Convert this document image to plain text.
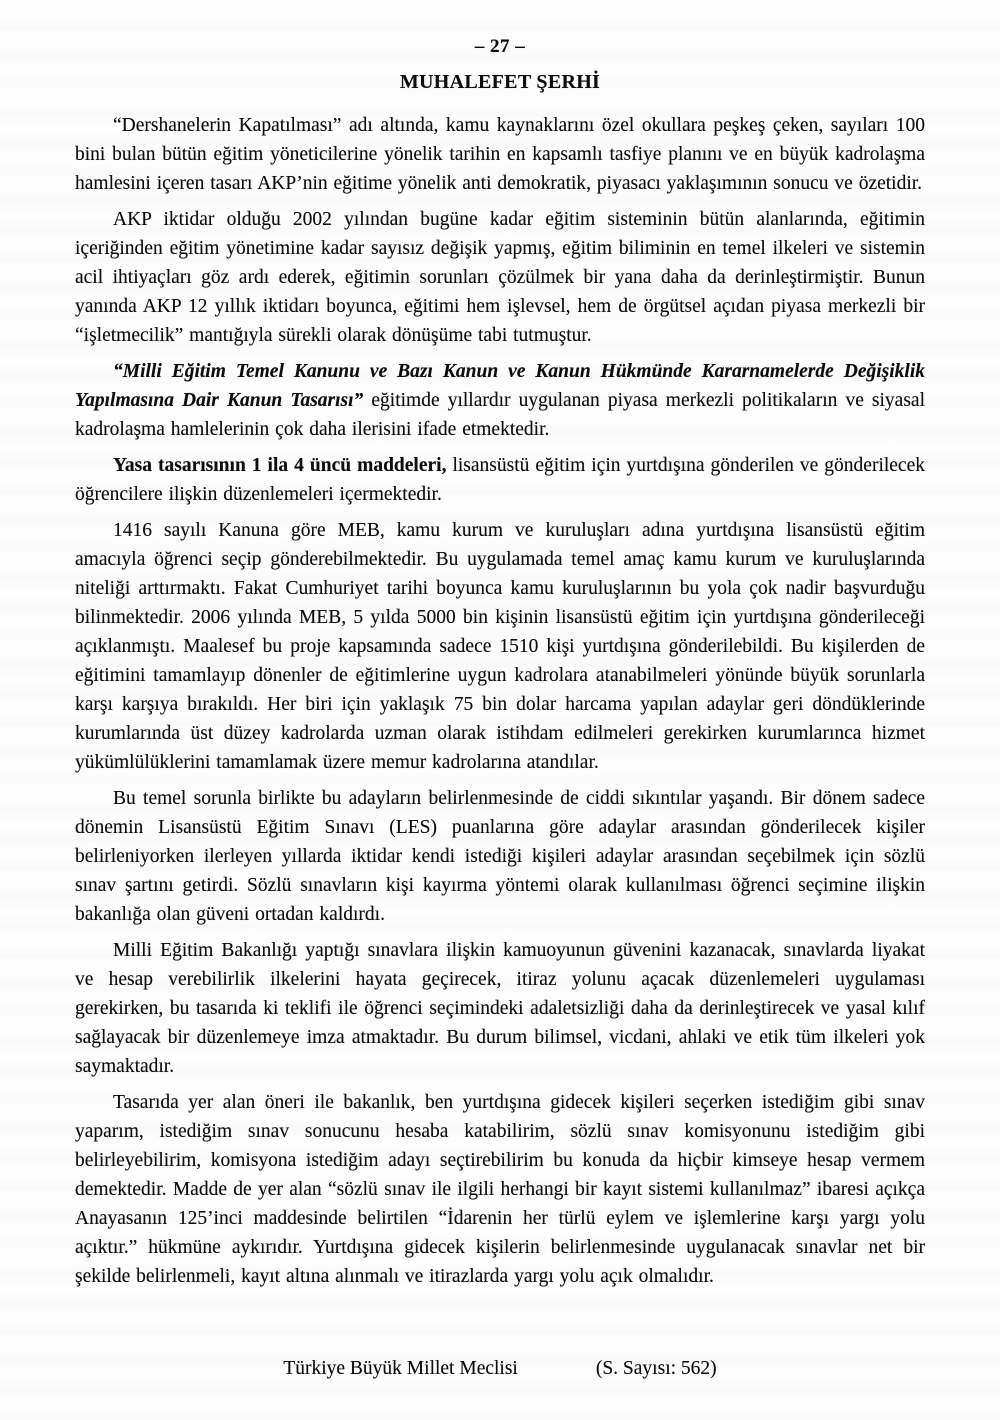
– 27 –
MUHALEFET ŞERHİ

“Dershanelerin Kapatılması” adı altında, kamu kaynaklarını özel okullara peşkeş çeken, sayıları 100 bini bulan bütün eğitim yöneticilerine yönelik tarihin en kapsamlı tasfiye planını ve en büyük kadrolaşma hamlesini içeren tasarı AKP’nin eğitime yönelik anti demokratik, piyasacı yaklaşımının sonucu ve özetidir.

AKP iktidar olduğu 2002 yılından bugüne kadar eğitim sisteminin bütün alanlarında, eğitimin içeriğinden eğitim yönetimine kadar sayısız değişik yapmış, eğitim biliminin en temel ilkeleri ve sistemin acil ihtiyaçları göz ardı ederek, eğitimin sorunları çözülmek bir yana daha da derinleştirmiştir. Bunun yanında AKP 12 yıllık iktidarı boyunca, eğitimi hem işlevsel, hem de örgütsel açıdan piyasa merkezli bir “işletmecilik” mantığıyla sürekli olarak dönüşüme tabi tutmuştur.

“Milli Eğitim Temel Kanunu ve Bazı Kanun ve Kanun Hükmünde Kararnamelerde Değişiklik Yapılmasına Dair Kanun Tasarısı” eğitimde yıllardır uygulanan piyasa merkezli politikaların ve siyasal kadrolaşma hamlelerinin çok daha ilerisini ifade etmektedir.

Yasa tasarısının 1 ila 4 üncü maddeleri, lisansüstü eğitim için yurtdışına gönderilen ve gönderilecek öğrencilere ilişkin düzenlemeleri içermektedir.

1416 sayılı Kanuna göre MEB, kamu kurum ve kuruluşları adına yurtdışına lisansüstü eğitim amacıyla öğrenci seçip gönderebilmektedir. Bu uygulamada temel amaç kamu kurum ve kuruluşlarında niteliği arttırmaktı. Fakat Cumhuriyet tarihi boyunca kamu kuruluşlarının bu yola çok nadir başvurduğu bilinmektedir. 2006 yılında MEB, 5 yılda 5000 bin kişinin lisansüstü eğitim için yurtdışına gönderileceği açıklanmıştı. Maalesef bu proje kapsamında sadece 1510 kişi yurtdışına gönderilebildi. Bu kişilerden de eğitimini tamamlayıp dönenler de eğitimlerine uygun kadrolara atanabilmeleri yönünde büyük sorunlarla karşı karşıya bırakıldı. Her biri için yaklaşık 75 bin dolar harcama yapılan adaylar geri döndüklerinde kurumlarında üst düzey kadrolarda uzman olarak istihdam edilmeleri gerekirken kurumlarınca hizmet yükümlülüklerini tamamlamak üzere memur kadrolarına atandılar.

Bu temel sorunla birlikte bu adayların belirlenmesinde de ciddi sıkıntılar yaşandı. Bir dönem sadece dönemin Lisansüstü Eğitim Sınavı (LES) puanlarına göre adaylar arasından gönderilecek kişiler belirleniyorken ilerleyen yıllarda iktidar kendi istediği kişileri adaylar arasından seçebilmek için sözlü sınav şartını getirdi. Sözlü sınavların kişi kayırma yöntemi olarak kullanılması öğrenci seçimine ilişkin bakanlığa olan güveni ortadan kaldırdı.

Milli Eğitim Bakanlığı yaptığı sınavlara ilişkin kamuoyunun güvenini kazanacak, sınavlarda liyakat ve hesap verebilirlik ilkelerini hayata geçirecek, itiraz yolunu açacak düzenlemeleri uygulaması gerekirken, bu tasarıda ki teklifi ile öğrenci seçimindeki adaletsizliği daha da derinleştirecek ve yasal kılıf sağlayacak bir düzenlemeye imza atmaktadır. Bu durum bilimsel, vicdani, ahlaki ve etik tüm ilkeleri yok saymaktadır.

Tasarıda yer alan öneri ile bakanlık, ben yurtdışına gidecek kişileri seçerken istediğim gibi sınav yaparım, istediğim sınav sonucunu hesaba katabilirim, sözlü sınav komisyonunu istediğim gibi belirleyebilirim, komisyona istediğim adayı seçtirebilirim bu konuda da hiçbir kimseye hesap vermem demektedir. Madde de yer alan “sözlü sınav ile ilgili herhangi bir kayıt sistemi kullanılmaz” ibaresi açıkça Anayasanın 125’inci maddesinde belirtilen “İdarenin her türlü eylem ve işlemlerine karşı yargı yolu açıktır.” hükmüne aykırıdır. Yurtdışına gidecek kişilerin belirlenmesinde uygulanacak sınavlar net bir şekilde belirlenmeli, kayıt altına alınmalı ve itirazlarda yargı yolu açık olmalıdır.

Türkiye Büyük Millet Meclisi	(S. Sayısı: 562)
